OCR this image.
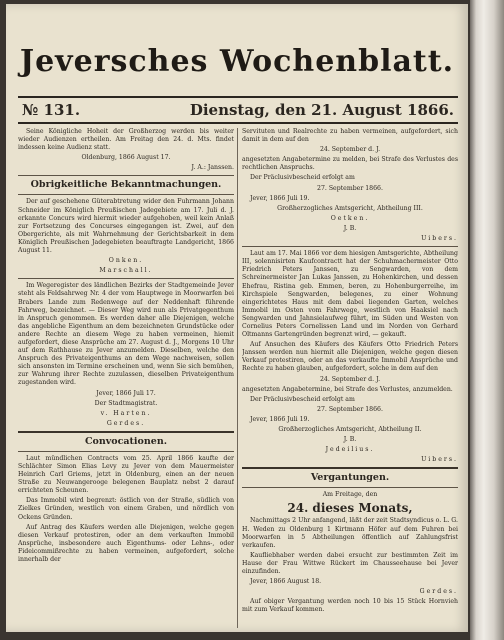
Jeversches Wochenblatt.
№ 131.	Dienstag, den 21. August 1866.

Seine Königliche Hoheit der Großherzog werden bis weiter wieder Audienzen ertheilen. Am Freitag den 24. d. Mts. findet indessen keine Audienz statt.

Oldenburg, 1866 August 17.

J. A.: Janssen.

Obrigkeitliche Bekanntmachungen.

Der auf geschehene Güterabtretung wider den Fuhrmann Johann Schneider im Königlich Preußischen Jadegebiete am 17. Juli d. J. erkannte Concurs wird hiermit wieder aufgehoben, weil kein Anlaß zur Fortsetzung des Concurses eingegangen ist. Zwei, auf den Obergerichte, als mit Wahrnehmung der Gerichtsbarkeit in dem Königlich Preußischen Jadegebieten beauftragte Landgericht, 1866 August 11.

Onken.

Marschall.

Im Wegeregister des ländlichen Bezirks der Stadtgemeinde Jever steht als Feldsahrweg Nr. 4 der vom Hauptwege in Moorwarfen bei Brabers Lande zum Redenwege auf der Neddenhaft führende Fahrweg, bezeichnet. — Dieser Weg wird nun als Privatgegenthum in Anspruch genommen. Es werden daher alle Diejenigen, welche das angebliche Eigenthum an dem bezeichneten Grundstücke oder andere Rechte an diesem Wege zu haben vermeinen, hiemit aufgefordert, diese Ansprüche am 27. August d. J., Morgens 10 Uhr auf dem Rathhause zu Jever anzumelden. Dieselben, welche den Anspruch des Privateigenthums an dem Wege nachweisen, sollen sich ansonsten im Termine erscheinen und, wenn Sie sich bemühen, zur Wahrung ihrer Rechte zuzulassen, dieselben Privateigenthum zugestanden wird.

Jever, 1866 Juli 17.

Der Stadtmagistrat.

v. Harten.

Gerdes.

Convocationen.

Laut mündlichen Contracts vom 25. April 1866 kaufte der Schlächter Simon Elias Levy zu Jever von dem Mauermeister Heinrich Carl Griems, jetzt in Oldenburg, einen an der neuen Straße zu Neuwangerooge belegenen Bauplatz nebst 2 darauf errichteten Scheunen.

Das Immobil wird begrenzt: östlich von der Straße, südlich von Zielkes Gründen, westlich von einem Graben, und nördlich von Ockens Gründen.

Auf Antrag des Käufers werden alle Diejenigen, welche gegen diesen Verkauf protestiren, oder an dem verkauften Immobil Ansprüche, insbesondere auch Eigenthums- oder Lehns-, oder Fideicommißrechte zu haben vermeinen, aufgefordert, solche innerhalb der

Servituten und Realrechte zu haben vermeinen, aufgefordert, sich damit in dem auf den

24. September d. J.

angesetzten Angabetermine zu melden, bei Strafe des Verlustes des rechtlichen Anspruchs.

Der Präclusivbescheid erfolgt am

27. September 1866.

Jever, 1866 Juli 19.

Großherzogliches Amtsgericht, Abtheilung III.

Oetken.

J. B.

Uibers.

Laut am 17. Mai 1866 vor dem hiesigen Amtsgerichte, Abtheilung III, solennisirten Kaufcontractt hat der Schuhmachermeister Otto Friedrich Peters Janssen, zu Sengwarden, von dem Schreinermeister Jan Lukas Janssen, zu Hohenkirchen, und dessen Ehefrau, Ristina geb. Emmen, beren, zu Hohenburgerreihe, im Kirchspiele Sengwarden, belegenes, zu einer Wohnung eingerichtetes Haus mit dem dabei liegenden Garten, welches Immobil im Osten vom Fahrwege, westlich von Haaksiel nach Sengwarden und Jahnsielaufweg führt, im Süden und Westen von Cornelius Peters Cornelissen Land und im Norden von Gerhard Oltmanns Gartengründen begrenzt wird, — gekauft.

Auf Ansuchen des Käufers des Käufers Otto Friedrich Peters Janssen werden nun hiermit alle Diejenigen, welche gegen diesen Verkauf protestiren, oder an das verkaufte Immobil Ansprüche und Rechte zu haben glauben, aufgefordert, solche in dem auf den

24. September d. J.

angesetzten Angabetermine, bei Strafe des Verlustes, anzumelden.

Der Präclusivbescheid erfolgt am

27. September 1866.

Jever, 1866 Juli 19.

Großherzogliches Amtsgericht, Abtheilung II.

J. B.

Jedeilius.

Uibers.

Vergantungen.

Am Freitage, den

24. dieses Monats,

Nachmittags 2 Uhr anfangend, läßt der zeit Stadtsyndicus o. L. G. H. Weden zu Oldenburg 1 Kirtmann Höfer auf dem Fuhren bei Moorwarfen in 5 Abtheilungen öffentlich auf Zahlungsfrist verkaufen.

Kaufliebhaber werden dabei ersucht zur bestimmten Zeit im Hause der Frau Wittwe Rückert im Chausseehause bei Jever einzufinden.

Jever, 1866 August 18.

Gerdes.

Auf obiger Vergantung werden noch 10 bis 15 Stück Hornvieh mit zum Verkauf kommen.
